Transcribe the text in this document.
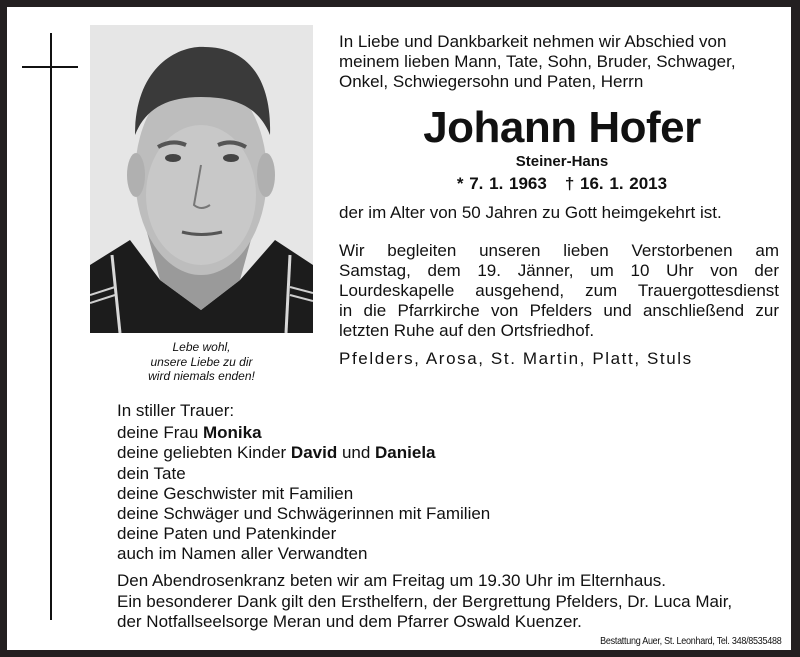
Lebe wohl,
unsere Liebe zu dir
wird niemals enden!
In Liebe und Dankbarkeit nehmen wir Abschied von
meinem lieben Mann, Tate, Sohn, Bruder, Schwager,
Onkel, Schwiegersohn und Paten, Herrn
Johann Hofer
Steiner-Hans
* 7. 1. 1963 † 16. 1. 2013
der im Alter von 50 Jahren zu Gott heimgekehrt ist.
Wir begleiten unseren lieben Verstorbenen am
Samstag, dem 19. Jänner, um 10 Uhr von der
Lourdeskapelle ausgehend, zum Trauergottesdienst
in die Pfarrkirche von Pfelders und anschließend zur
letzten Ruhe auf den Ortsfriedhof.
Pfelders, Arosa, St. Martin, Platt, Stuls
In stiller Trauer:
deine Frau Monika
deine geliebten Kinder David und Daniela
dein Tate
deine Geschwister mit Familien
deine Schwäger und Schwägerinnen mit Familien
deine Paten und Patenkinder
auch im Namen aller Verwandten
Den Abendrosenkranz beten wir am Freitag um 19.30 Uhr im Elternhaus.
Ein besonderer Dank gilt den Ersthelfern, der Bergrettung Pfelders, Dr. Luca Mair,
der Notfallseelsorge Meran und dem Pfarrer Oswald Kuenzer.
Bestattung Auer, St. Leonhard, Tel. 348/8535488
